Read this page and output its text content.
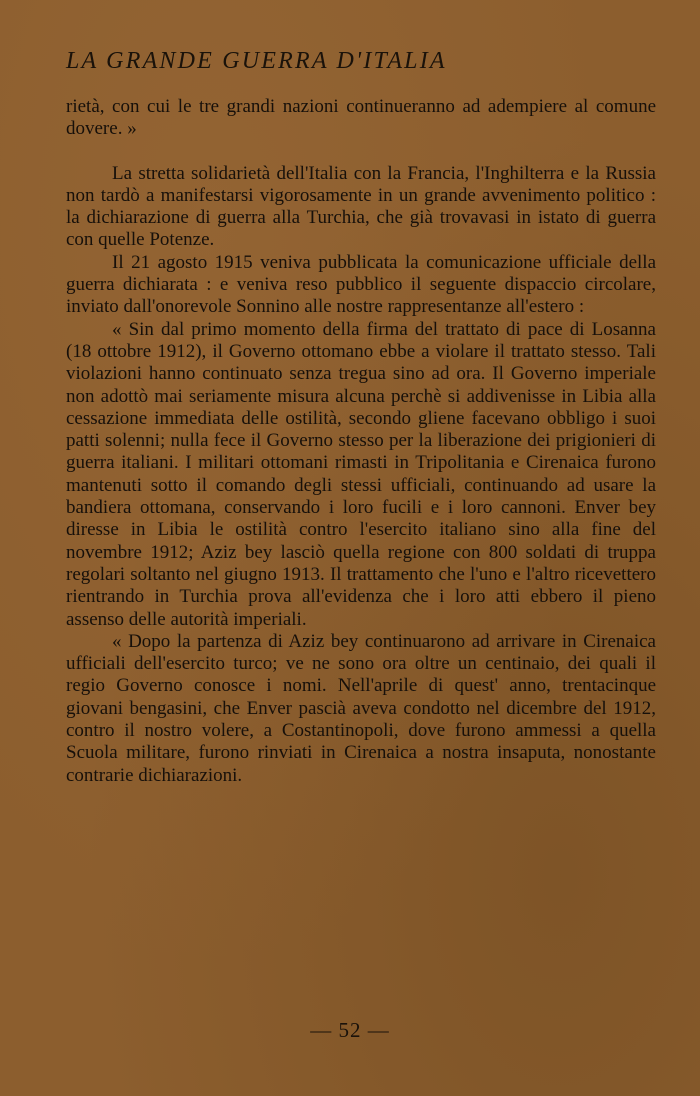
LA GRANDE GUERRA D'ITALIA

rietà, con cui le tre grandi nazioni continueranno ad adempiere al comune dovere. »

La stretta solidarietà dell'Italia con la Francia, l'Inghilterra e la Russia non tardò a manifestarsi vigorosamente in un grande avvenimento politico : la dichiarazione di guerra alla Turchia, che già trovavasi in istato di guerra con quelle Potenze.

Il 21 agosto 1915 veniva pubblicata la comunicazione ufficiale della guerra dichiarata : e veniva reso pubblico il seguente dispaccio circolare, inviato dall'onorevole Sonnino alle nostre rappresentanze all'estero :

« Sin dal primo momento della firma del trattato di pace di Losanna (18 ottobre 1912), il Governo ottomano ebbe a violare il trattato stesso. Tali violazioni hanno continuato senza tregua sino ad ora. Il Governo imperiale non adottò mai seriamente misura alcuna perchè si addivenisse in Libia alla cessazione immediata delle ostilità, secondo gliene facevano obbligo i suoi patti solenni; nulla fece il Governo stesso per la liberazione dei prigionieri di guerra italiani. I militari ottomani rimasti in Tripolitania e Cirenaica furono mantenuti sotto il comando degli stessi ufficiali, continuando ad usare la bandiera ottomana, conservando i loro fucili e i loro cannoni. Enver bey diresse in Libia le ostilità contro l'esercito italiano sino alla fine del novembre 1912; Aziz bey lasciò quella regione con 800 soldati di truppa regolari soltanto nel giugno 1913. Il trattamento che l'uno e l'altro ricevettero rientrando in Turchia prova all'evidenza che i loro atti ebbero il pieno assenso delle autorità imperiali.

« Dopo la partenza di Aziz bey continuarono ad arrivare in Cirenaica ufficiali dell'esercito turco; ve ne sono ora oltre un centinaio, dei quali il regio Governo conosce i nomi. Nell'aprile di quest' anno, trentacinque giovani bengasini, che Enver pascià aveva condotto nel dicembre del 1912, contro il nostro volere, a Costantinopoli, dove furono ammessi a quella Scuola militare, furono rinviati in Cirenaica a nostra insaputa, nonostante contrarie dichiarazioni.

— 52 —
